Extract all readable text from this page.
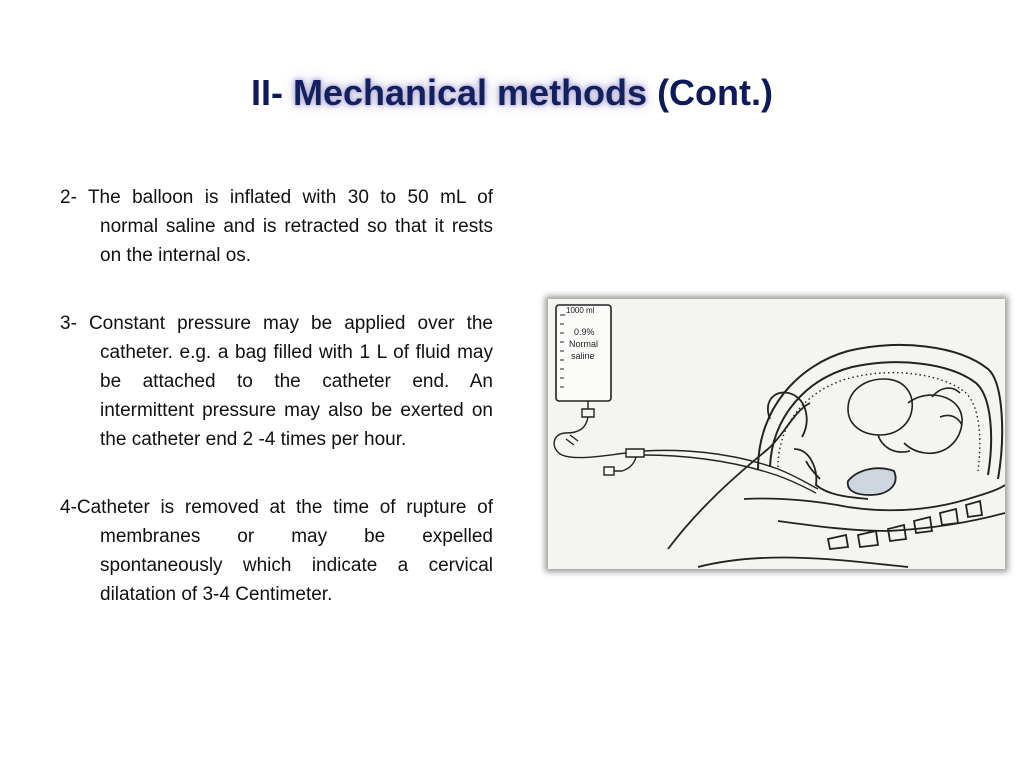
II- Mechanical methods (Cont.)

2- The balloon is inflated with 30 to 50 mL of normal saline and is retracted so that it rests on the internal os.

3- Constant pressure may be applied over the catheter. e.g. a bag filled with 1 L of fluid may be attached to the catheter end. An intermittent pressure may also be exerted on the catheter end 2 -4 times per hour.

4-Catheter is removed at the time of rupture of membranes or may be expelled spontaneously which indicate a cervical dilatation of 3-4 Centimeter.

1000 ml
0.9%
Normal
saline
